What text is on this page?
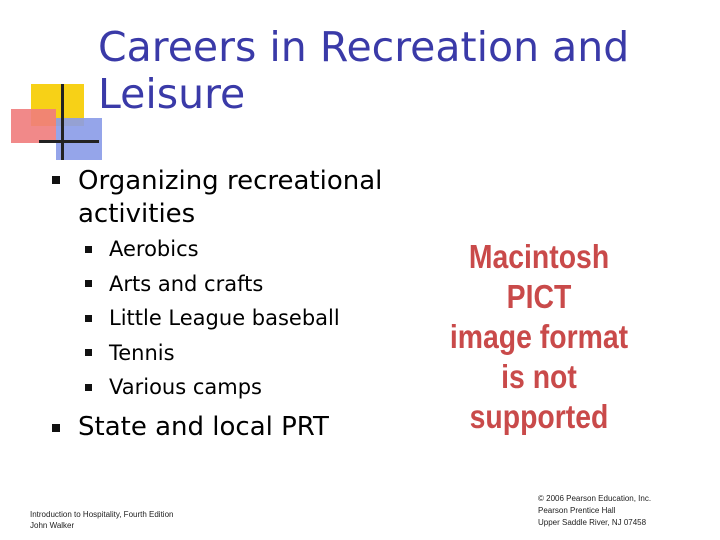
Careers in Recreation and
Leisure
Organizing recreational
activities
Aerobics
Arts and crafts
Little League baseball
Tennis
Various camps
State and local PRT
Macintosh PICT
image format
is not supported
Introduction to Hospitality, Fourth Edition
John Walker
© 2006 Pearson Education, Inc.
Pearson Prentice Hall
Upper Saddle River, NJ 07458
